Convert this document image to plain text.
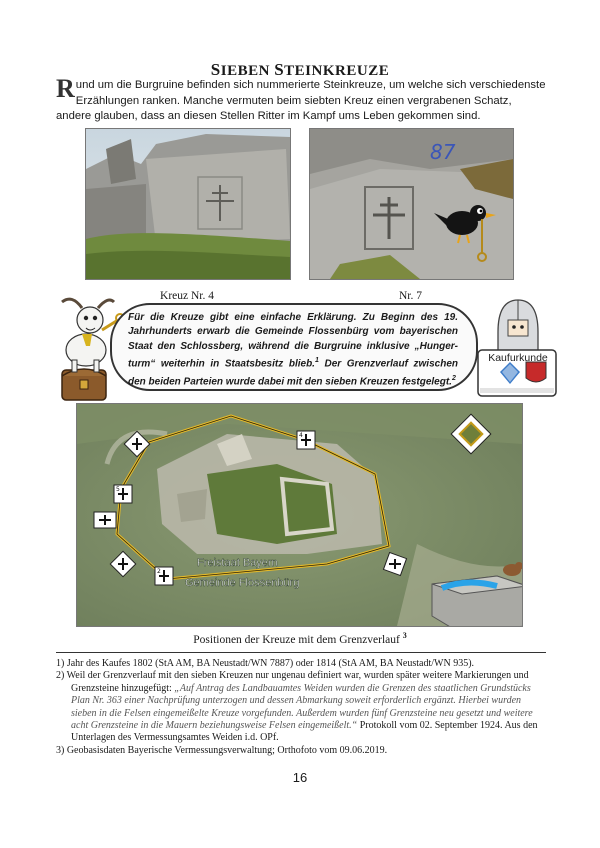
SIEBEN STEINKREUZE
Rund um die Burgruine befinden sich nummerierte Steinkreuze, um welche sich verschiedenste Erzählungen ranken. Manche vermuten beim siebten Kreuz einen vergrabenen Schatz, andere glauben, dass an diesen Stellen Ritter im Kampf ums Leben gekommen sind.
Kreuz Nr. 4
87
Nr. 7
Für die Kreuze gibt eine einfache Erklärung. Zu Beginn des 19. Jahrhunderts erwarb die Gemeinde Flossenbürg vom bayerischen Staat den Schlossberg, während die Burgruine inklusive „Hunger-turm“ weiterhin in Staatsbesitz blieb.$^1$ Der Grenzverlauf zwischen den beiden Parteien wurde dabei mit den sieben Kreuzen festgelegt.$^2$
Kaufurkunde
Freistaat Bayern
Gemeinde Flossenbürg
2
4
5
Positionen der Kreuze mit dem Grenzverlauf $^3$
1) Jahr des Kaufes 1802 (StA AM, BA Neustadt/WN 7887) oder 1814 (StA AM, BA Neustadt/WN 935).
2) Weil der Grenzverlauf mit den sieben Kreuzen nur ungenau definiert war, wurden später weitere Markierungen und Grenzsteine hinzugefügt: „Auf Antrag des Landbauamtes Weiden wurden die Grenzen des staatlichen Grundstücks Plan Nr. 363 einer Nachprüfung unterzogen und dessen Abmarkung soweit erforderlich ergänzt. Hierbei wurden sieben in die Felsen eingemeißelte Kreuze vorgefunden. Außerdem wurden fünf Grenzsteine neu gesetzt und weitere acht Grenzsteine in die Mauern beziehungsweise Felsen eingemeißelt.“ Protokoll vom 02. September 1924. Aus den Unterlagen des Vermessungsamtes Weiden i.d. OPf.
3) Geobasisdaten Bayerische Vermessungsverwaltung; Orthofoto vom 09.06.2019.
16
